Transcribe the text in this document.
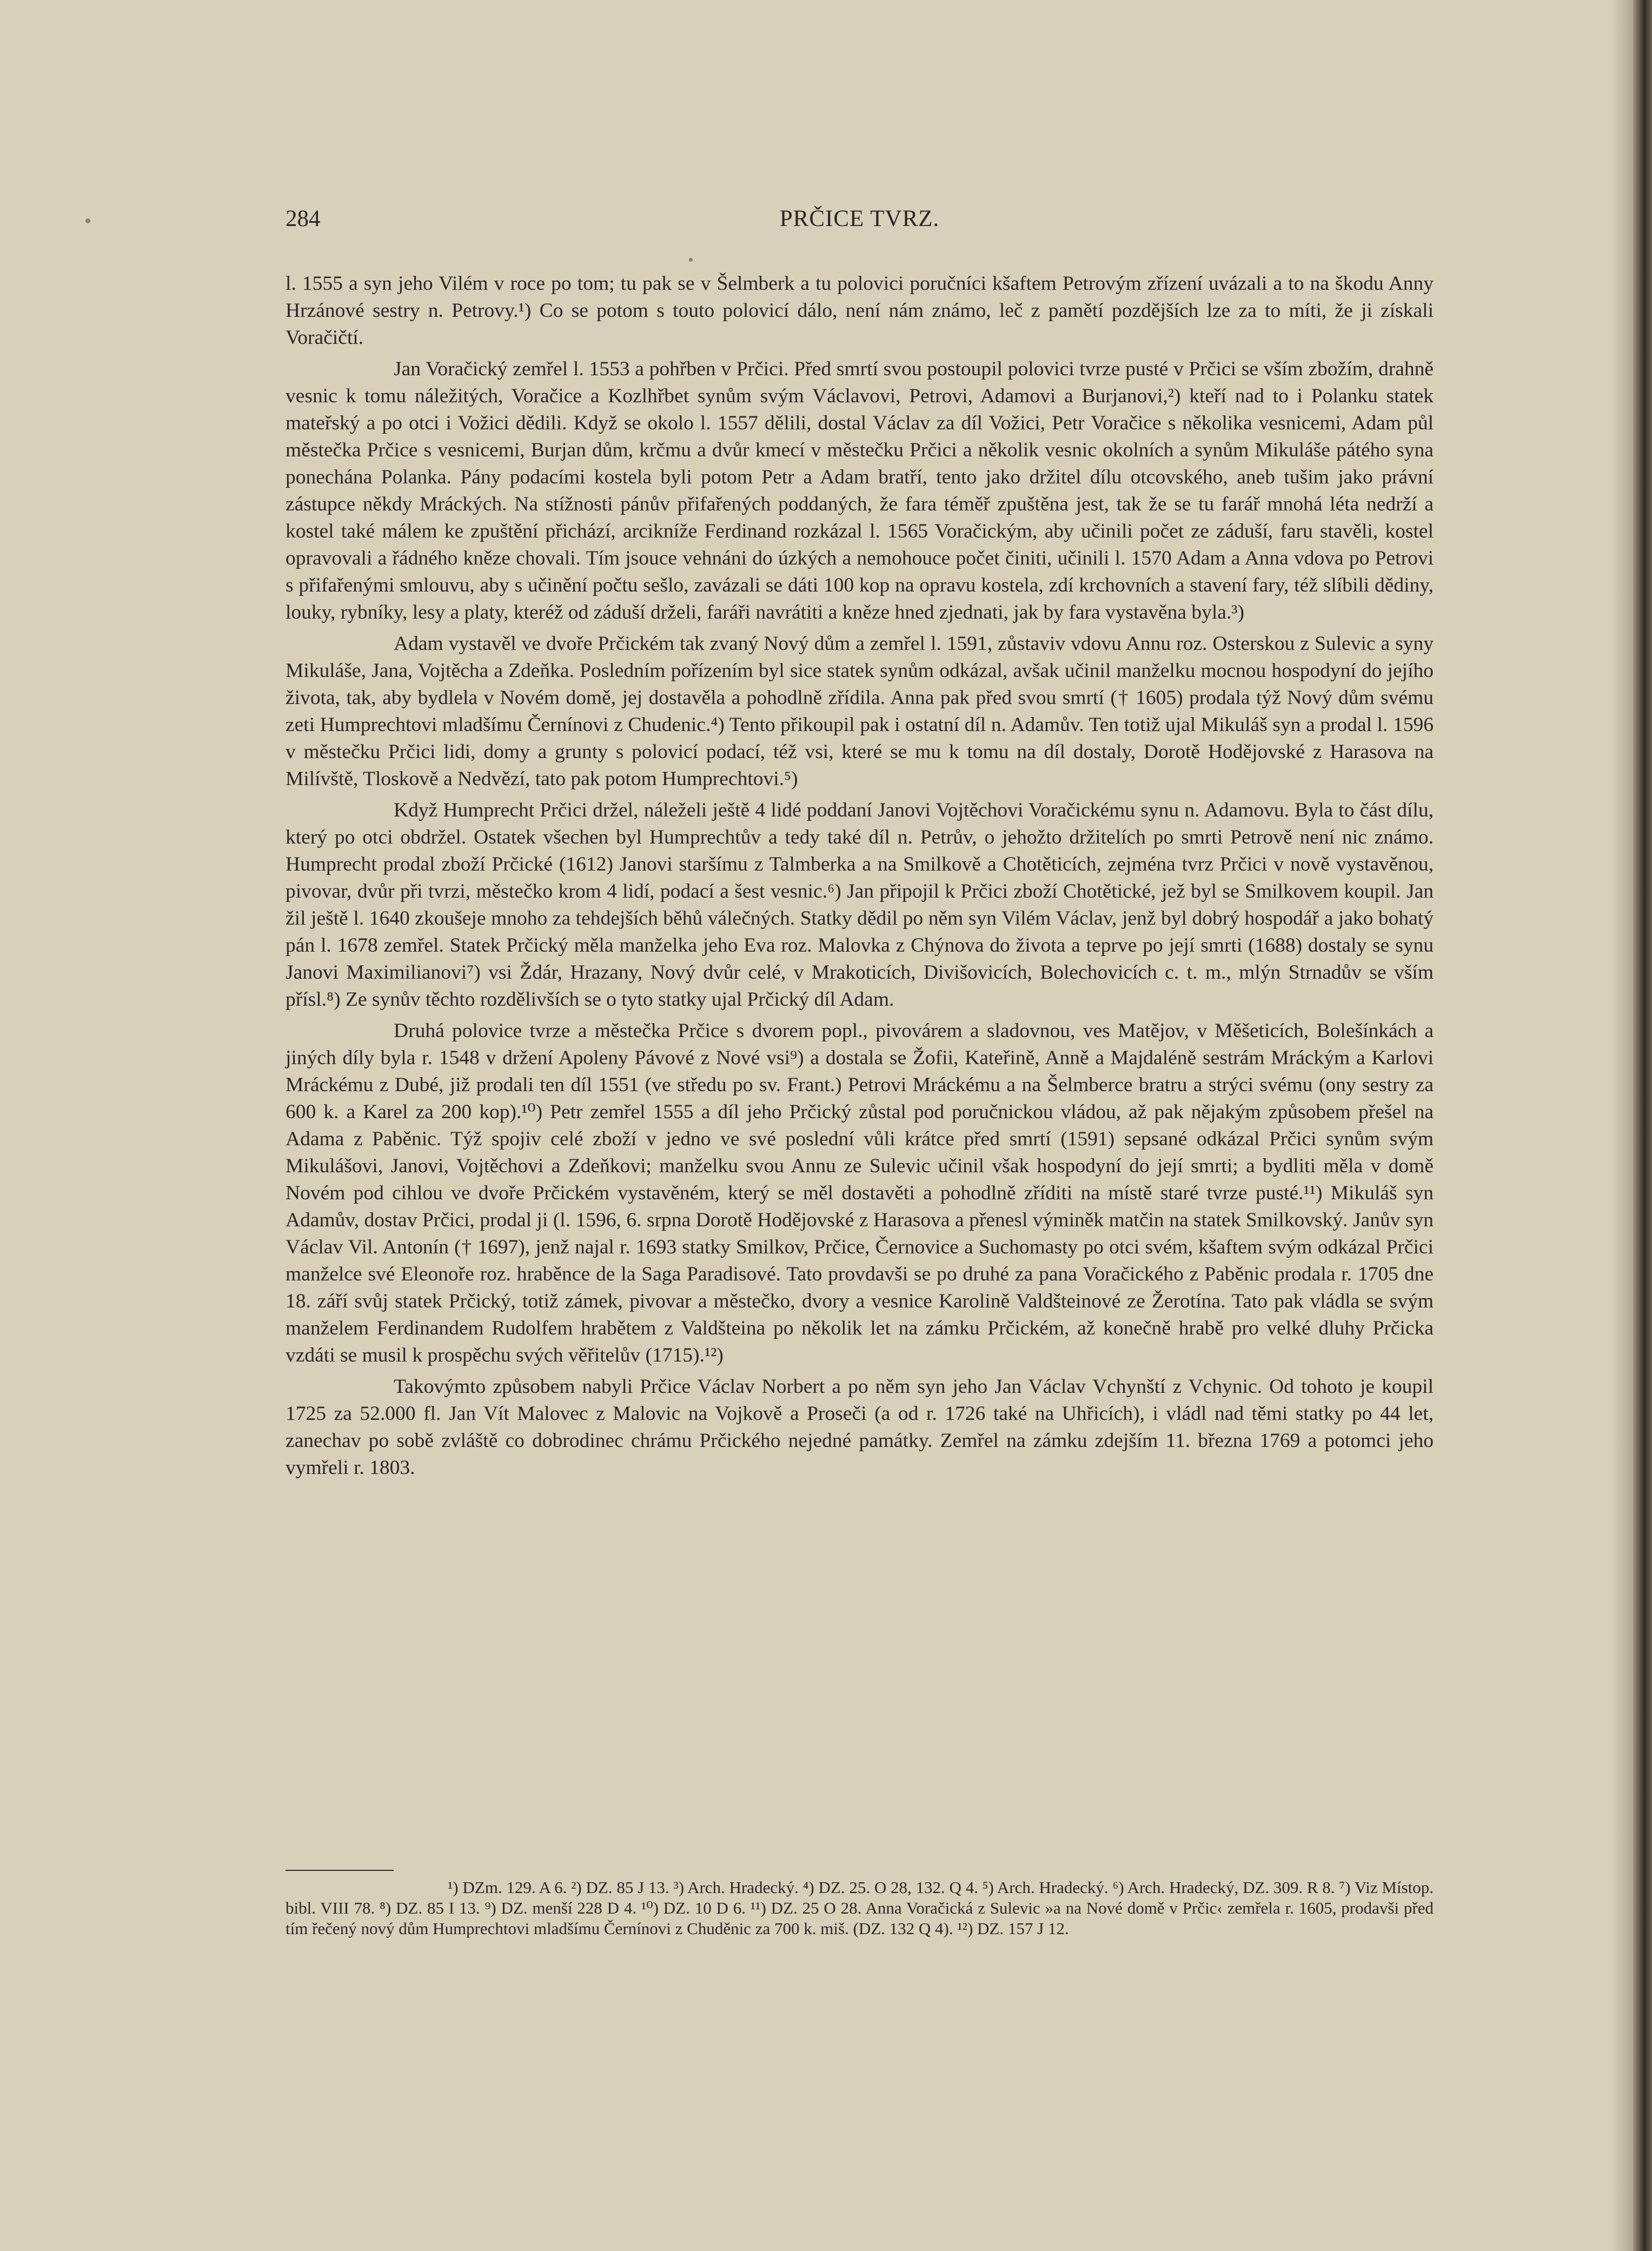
284	PRČICE TVRZ.

l. 1555 a syn jeho Vilém v roce po tom; tu pak se v Šelmberk a tu polovici poručníci kšaftem Petrovým zřízení uvázali a to na škodu Anny Hrzánové sestry n. Petrovy.¹) Co se potom s touto polovicí dálo, není nám známo, leč z pamětí pozdějších lze za to míti, že ji získali Voračičtí.

Jan Voračický zemřel l. 1553 a pohřben v Prčici. Před smrtí svou postoupil polovici tvrze pusté v Prčici se vším zbožím, drahně vesnic k tomu náležitých, Voračice a Kozlhřbet synům svým Václavovi, Petrovi, Adamovi a Burjanovi,²) kteří nad to i Polanku statek mateřský a po otci i Vožici dědili. Když se okolo l. 1557 dělili, dostal Václav za díl Vožici, Petr Voračice s několika vesnicemi, Adam půl městečka Prčice s vesnicemi, Burjan dům, krčmu a dvůr kmecí v městečku Prčici a několik vesnic okolních a synům Mikuláše pátého syna ponechána Polanka. Pány podacími kostela byli potom Petr a Adam bratří, tento jako držitel dílu otcovského, aneb tušim jako právní zástupce někdy Mráckých. Na stížnosti pánův přifařených poddaných, že fara téměř zpuštěna jest, tak že se tu farář mnohá léta nedrží a kostel také málem ke zpuštění přichází, arcikníže Ferdinand rozkázal l. 1565 Voračickým, aby učinili počet ze záduší, faru stavěli, kostel opravovali a řádného kněze chovali. Tím jsouce vehnáni do úzkých a nemohouce počet činiti, učinili l. 1570 Adam a Anna vdova po Petrovi s přifařenými smlouvu, aby s učinění počtu sešlo, zavázali se dáti 100 kop na opravu kostela, zdí krchovních a stavení fary, též slíbili dědiny, louky, rybníky, lesy a platy, kteréž od záduší drželi, faráři navrátiti a kněze hned zjednati, jak by fara vystavěna byla.³)

Adam vystavěl ve dvoře Prčickém tak zvaný Nový dům a zemřel l. 1591, zůstaviv vdovu Annu roz. Osterskou z Sulevic a syny Mikuláše, Jana, Vojtěcha a Zdeňka. Posledním pořízením byl sice statek synům odkázal, avšak učinil manželku mocnou hospodyní do jejího života, tak, aby bydlela v Novém domě, jej dostavěla a pohodlně zřídila. Anna pak před svou smrtí († 1605) prodala týž Nový dům svému zeti Humprechtovi mladšímu Černínovi z Chudenic.⁴) Tento přikoupil pak i ostatní díl n. Adamův. Ten totiž ujal Mikuláš syn a prodal l. 1596 v městečku Prčici lidi, domy a grunty s polovicí podací, též vsi, které se mu k tomu na díl dostaly, Dorotě Hodějovské z Harasova na Milívště, Tloskově a Nedvězí, tato pak potom Humprechtovi.⁵)

Když Humprecht Prčici držel, náleželi ještě 4 lidé poddaní Janovi Vojtěchovi Voračickému synu n. Adamovu. Byla to část dílu, který po otci obdržel. Ostatek všechen byl Humprechtův a tedy také díl n. Petrův, o jehožto držitelích po smrti Petrově není nic známo. Humprecht prodal zboží Prčické (1612) Janovi staršímu z Talmberka a na Smilkově a Chotěticích, zejména tvrz Prčici v nově vystavěnou, pivovar, dvůr při tvrzi, městečko krom 4 lidí, podací a šest vesnic.⁶) Jan připojil k Prčici zboží Chotětické, jež byl se Smilkovem koupil. Jan žil ještě l. 1640 zkoušeje mnoho za tehdejších běhů válečných. Statky dědil po něm syn Vilém Václav, jenž byl dobrý hospodář a jako bohatý pán l. 1678 zemřel. Statek Prčický měla manželka jeho Eva roz. Malovka z Chýnova do života a teprve po její smrti (1688) dostaly se synu Janovi Maximilianovi⁷) vsi Ždár, Hrazany, Nový dvůr celé, v Mrakoticích, Divišovicích, Bolechovicích c. t. m., mlýn Strnadův se vším přísl.⁸) Ze synův těchto rozdělivších se o tyto statky ujal Prčický díl Adam.

Druhá polovice tvrze a městečka Prčice s dvorem popl., pivovárem a sladovnou, ves Matějov, v Měšeticích, Bolešínkách a jiných díly byla r. 1548 v držení Apoleny Pávové z Nové vsi⁹) a dostala se Žofii, Kateřině, Anně a Majdaléně sestrám Mráckým a Karlovi Mráckému z Dubé, již prodali ten díl 1551 (ve středu po sv. Frant.) Petrovi Mráckému a na Šelmberce bratru a strýci svému (ony sestry za 600 k. a Karel za 200 kop).¹⁰) Petr zemřel 1555 a díl jeho Prčický zůstal pod poručnickou vládou, až pak nějakým způsobem přešel na Adama z Paběnic. Týž spojiv celé zboží v jedno ve své poslední vůli krátce před smrtí (1591) sepsané odkázal Prčici synům svým Mikulášovi, Janovi, Vojtěchovi a Zdeňkovi; manželku svou Annu ze Sulevic učinil však hospodyní do její smrti; a bydliti měla v domě Novém pod cihlou ve dvoře Prčickém vystavěném, který se měl dostavěti a pohodlně zříditi na místě staré tvrze pusté.¹¹) Mikuláš syn Adamův, dostav Prčici, prodal ji (l. 1596, 6. srpna Dorotě Hodějovské z Harasova a přenesl výminěk matčin na statek Smilkovský. Janův syn Václav Vil. Antonín († 1697), jenž najal r. 1693 statky Smilkov, Prčice, Černovice a Suchomasty po otci svém, kšaftem svým odkázal Prčici manželce své Eleonoře roz. hraběnce de la Saga Paradisové. Tato provdavši se po druhé za pana Voračického z Paběnic prodala r. 1705 dne 18. září svůj statek Prčický, totiž zámek, pivovar a městečko, dvory a vesnice Karolině Valdšteinové ze Žerotína. Tato pak vládla se svým manželem Ferdinandem Rudolfem hrabětem z Valdšteina po několik let na zámku Prčickém, až konečně hrabě pro velké dluhy Prčicka vzdáti se musil k prospěchu svých věřitelův (1715).¹²)

Takovýmto způsobem nabyli Prčice Václav Norbert a po něm syn jeho Jan Václav Vchynští z Vchynic. Od tohoto je koupil 1725 za 52.000 fl. Jan Vít Malovec z Malovic na Vojkově a Proseči (a od r. 1726 také na Uhřicích), i vládl nad těmi statky po 44 let, zanechav po sobě zvláště co dobrodinec chrámu Prčického nejedné památky. Zemřel na zámku zdejším 11. března 1769 a potomci jeho vymřeli r. 1803.

¹) DZm. 129. A 6. ²) DZ. 85 J 13. ³) Arch. Hradecký. ⁴) DZ. 25. O 28, 132. Q 4. ⁵) Arch. Hradecký. ⁶) Arch. Hradecký, DZ. 309. R 8. ⁷) Viz Místop. bibl. VIII 78. ⁸) DZ. 85 I 13. ⁹) DZ. menší 228 D 4. ¹⁰) DZ. 10 D 6. ¹¹) DZ. 25 O 28. Anna Voračická z Sulevic »a na Nové domě v Prčic‹ zemřela r. 1605, prodavši před tím řečený nový dům Humprechtovi mladšímu Černínovi z Chuděnic za 700 k. miš. (DZ. 132 Q 4). ¹²) DZ. 157 J 12.
